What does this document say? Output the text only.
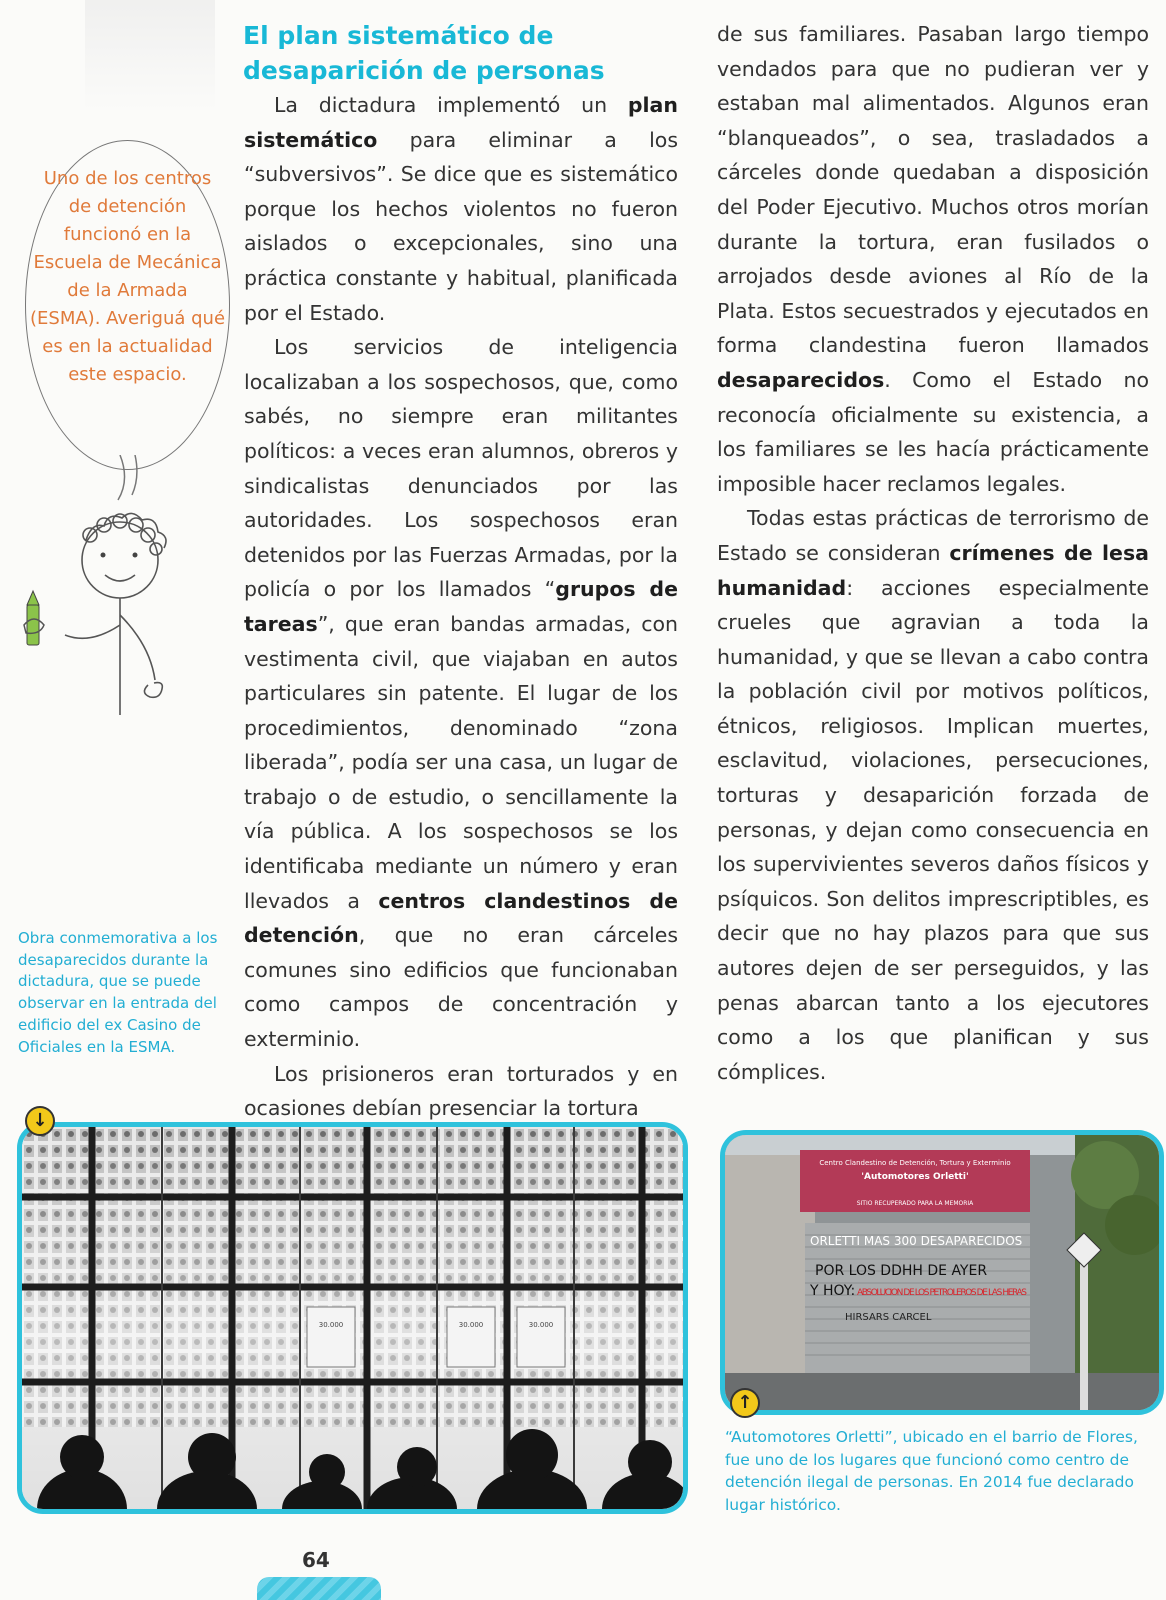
El plan sistemático de desaparición de personas

La dictadura implementó un plan sistemático para eliminar a los “subversivos”. Se dice que es sistemático porque los hechos violentos no fueron aislados o excepcionales, sino una práctica constante y habitual, planificada por el Estado.

Los servicios de inteligencia localizaban a los sospechosos, que, como sabés, no siempre eran militantes políticos: a veces eran alumnos, obreros y sindicalistas denunciados por las autoridades. Los sospechosos eran detenidos por las Fuerzas Armadas, por la policía o por los llamados “grupos de tareas”, que eran bandas armadas, con vestimenta civil, que viajaban en autos particulares sin patente. El lugar de los procedimientos, denominado “zona liberada”, podía ser una casa, un lugar de trabajo o de estudio, o sencillamente la vía pública. A los sospechosos se los identificaba mediante un número y eran llevados a centros clandestinos de detención, que no eran cárceles comunes sino edificios que funcionaban como campos de concentración y exterminio.

Los prisioneros eran torturados y en ocasiones debían presenciar la tortura

de sus familiares. Pasaban largo tiempo vendados para que no pudieran ver y estaban mal alimentados. Algunos eran “blanqueados”, o sea, trasladados a cárceles donde quedaban a disposición del Poder Ejecutivo. Muchos otros morían durante la tortura, eran fusilados o arrojados desde aviones al Río de la Plata. Estos secuestrados y ejecutados en forma clandestina fueron llamados desaparecidos. Como el Estado no reconocía oficialmente su existencia, a los familiares se les hacía prácticamente imposible hacer reclamos legales.

Todas estas prácticas de terrorismo de Estado se consideran crímenes de lesa humanidad: acciones especialmente crueles que agravian a toda la humanidad, y que se llevan a cabo contra la población civil por motivos políticos, étnicos, religiosos. Implican muertes, esclavitud, violaciones, persecuciones, torturas y desaparición forzada de personas, y dejan como consecuencia en los supervivientes severos daños físicos y psíquicos. Son delitos imprescriptibles, es decir que no hay plazos para que sus autores dejen de ser perseguidos, y las penas abarcan tanto a los ejecutores como a los que planifican y sus cómplices.

Uno de los centros de detención funcionó en la Escuela de Mecánica de la Armada (ESMA). Averiguá qué es en la actualidad este espacio.
Obra conmemorativa a los desaparecidos durante la dictadura, que se puede observar en la entrada del edificio del ex Casino de Oficiales en la ESMA.
30.000	30.000	30.000
↓
Centro Clandestino de Detención, Tortura y Exterminio
'Automotores Orletti'
SITIO RECUPERADO PARA LA MEMORIA
ORLETTI MAS 300 DESAPARECIDOS
POR LOS DDHH DE AYER
Y HOY: ABSOLUCION DE LOS PETROLEROS DE LAS HERAS
HIRSARS CARCEL
↑
“Automotores Orletti”, ubicado en el barrio de Flores, fue uno de los lugares que funcionó como centro de detención ilegal de personas. En 2014 fue declarado lugar histórico.
64
